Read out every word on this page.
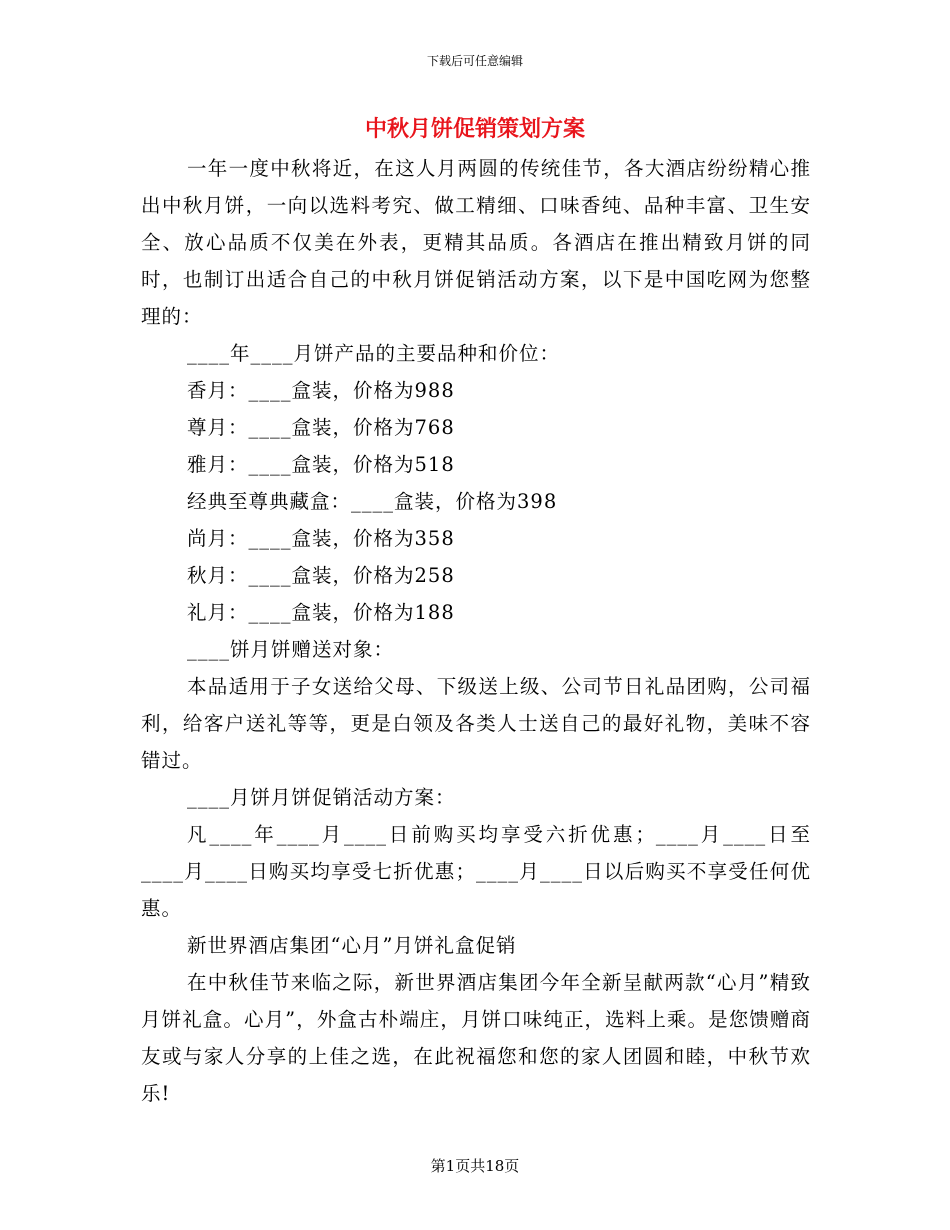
下载后可任意编辑
中秋月饼促销策划方案

一年一度中秋将近，在这人月两圆的传统佳节，各大酒店纷纷精心推出中秋月饼，一向以选料考究、做工精细、口味香纯、品种丰富、卫生安全、放心品质不仅美在外表，更精其品质。各酒店在推出精致月饼的同时，也制订出适合自己的中秋月饼促销活动方案，以下是中国吃网为您整理的：

____年____月饼产品的主要品种和价位：

香月：____盒装，价格为988

尊月：____盒装，价格为768

雅月：____盒装，价格为518

经典至尊典藏盒：____盒装，价格为398

尚月：____盒装，价格为358

秋月：____盒装，价格为258

礼月：____盒装，价格为188

____饼月饼赠送对象：

本品适用于子女送给父母、下级送上级、公司节日礼品团购，公司福利，给客户送礼等等，更是白领及各类人士送自己的最好礼物，美味不容错过。

____月饼月饼促销活动方案：

凡____年____月____日前购买均享受六折优惠；____月____日至____月____日购买均享受七折优惠；____月____日以后购买不享受任何优惠。

新世界酒店集团“心月”月饼礼盒促销

在中秋佳节来临之际，新世界酒店集团今年全新呈献两款“心月”精致月饼礼盒。心月”，外盒古朴端庄，月饼口味纯正，选料上乘。是您馈赠商友或与家人分享的上佳之选，在此祝福您和您的家人团圆和睦，中秋节欢乐!

第1页共18页
